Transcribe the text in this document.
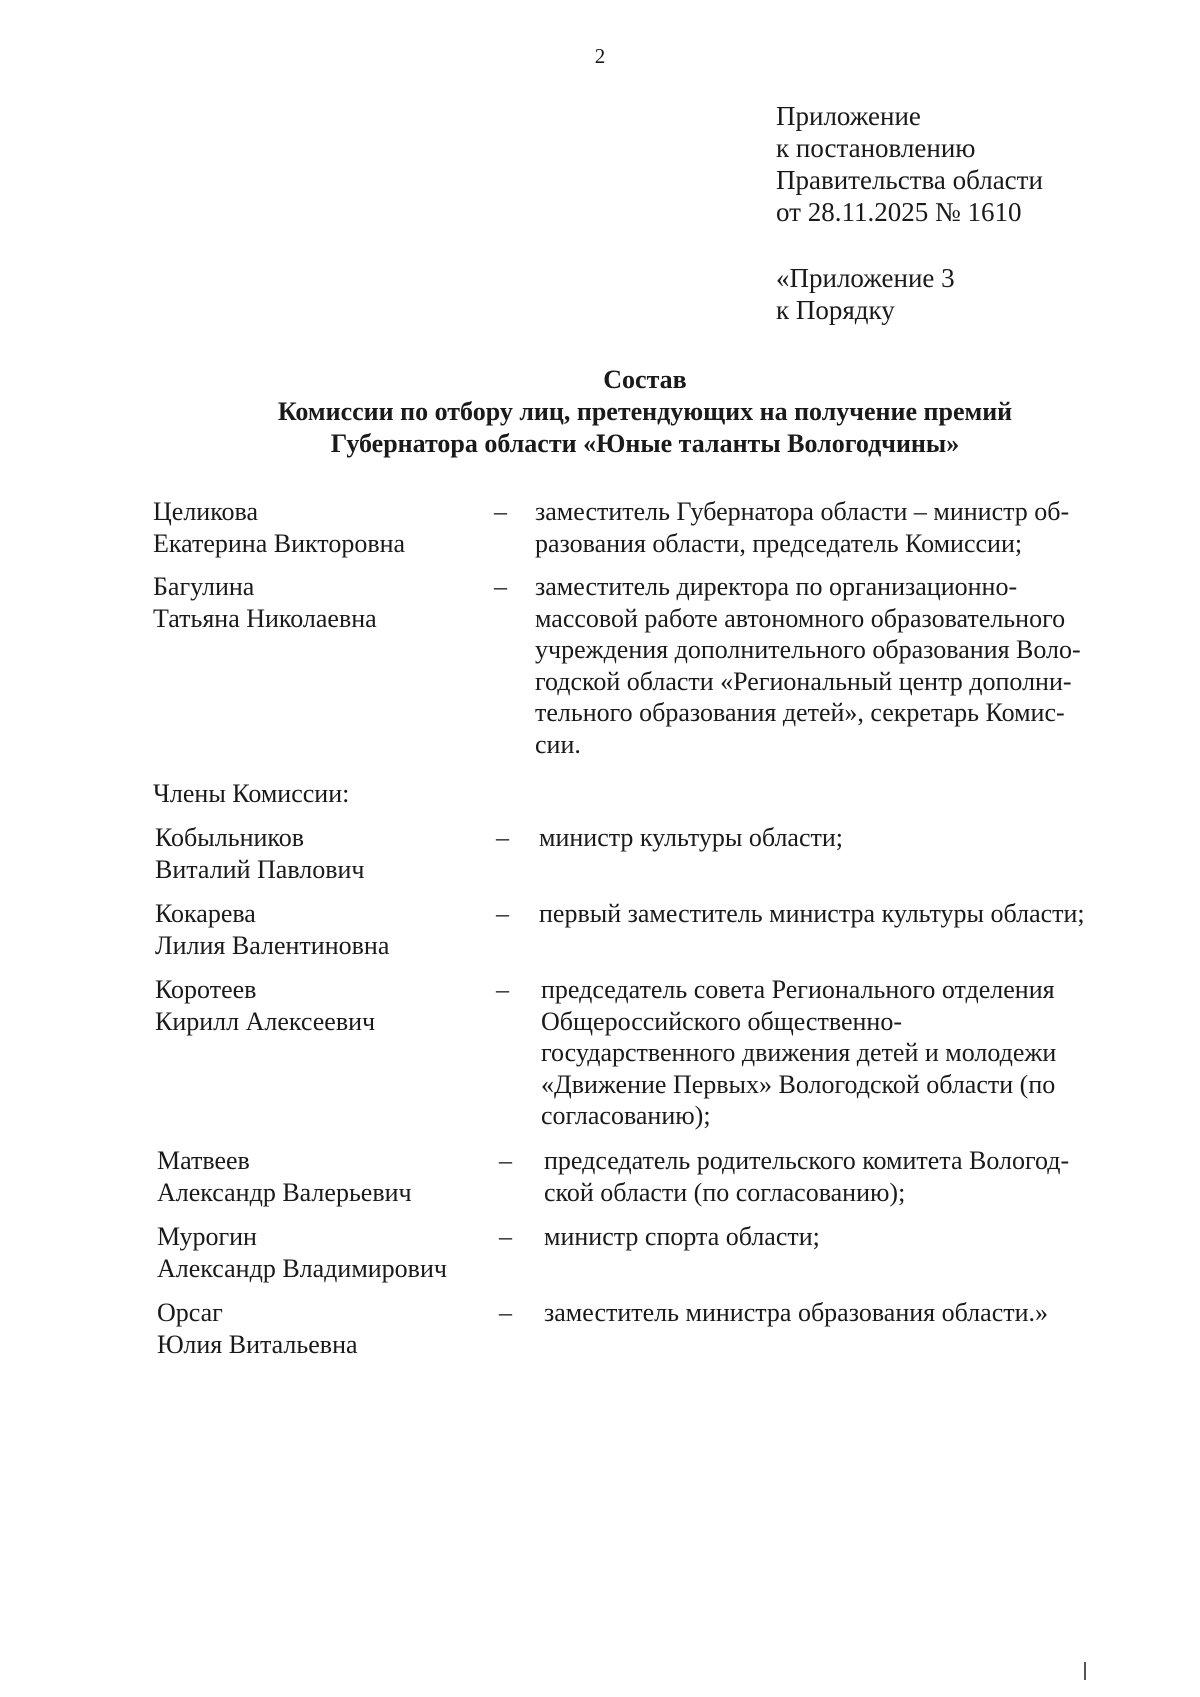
2
Приложение
к постановлению
Правительства области
от 28.11.2025 № 1610
«Приложение 3
к Порядку
Состав
Комиссии по отбору лиц, претендующих на получение премий
Губернатора области «Юные таланты Вологодчины»
Целикова
Екатерина Викторовна
– заместитель Губернатора области – министр об-
разования области, председатель Комиссии;
Багулина
Татьяна Николаевна
– заместитель директора по организационно-
массовой работе автономного образовательного
учреждения дополнительного образования Воло-
годской области «Региональный центр дополни-
тельного образования детей», секретарь Комис-
сии.
Члены Комиссии:
Кобыльников
Виталий Павлович
– министр культуры области;
Кокарева
Лилия Валентиновна
– первый заместитель министра культуры области;
Коротеев
Кирилл Алексеевич
– председатель совета Регионального отделения
Общероссийского общественно-
государственного движения детей и молодежи
«Движение Первых» Вологодской области (по
согласованию);
Матвеев
Александр Валерьевич
– председатель родительского комитета Вологод-
ской области (по согласованию);
Мурогин
Александр Владимирович
– министр спорта области;
Орсаг
Юлия Витальевна
– заместитель министра образования области.»
